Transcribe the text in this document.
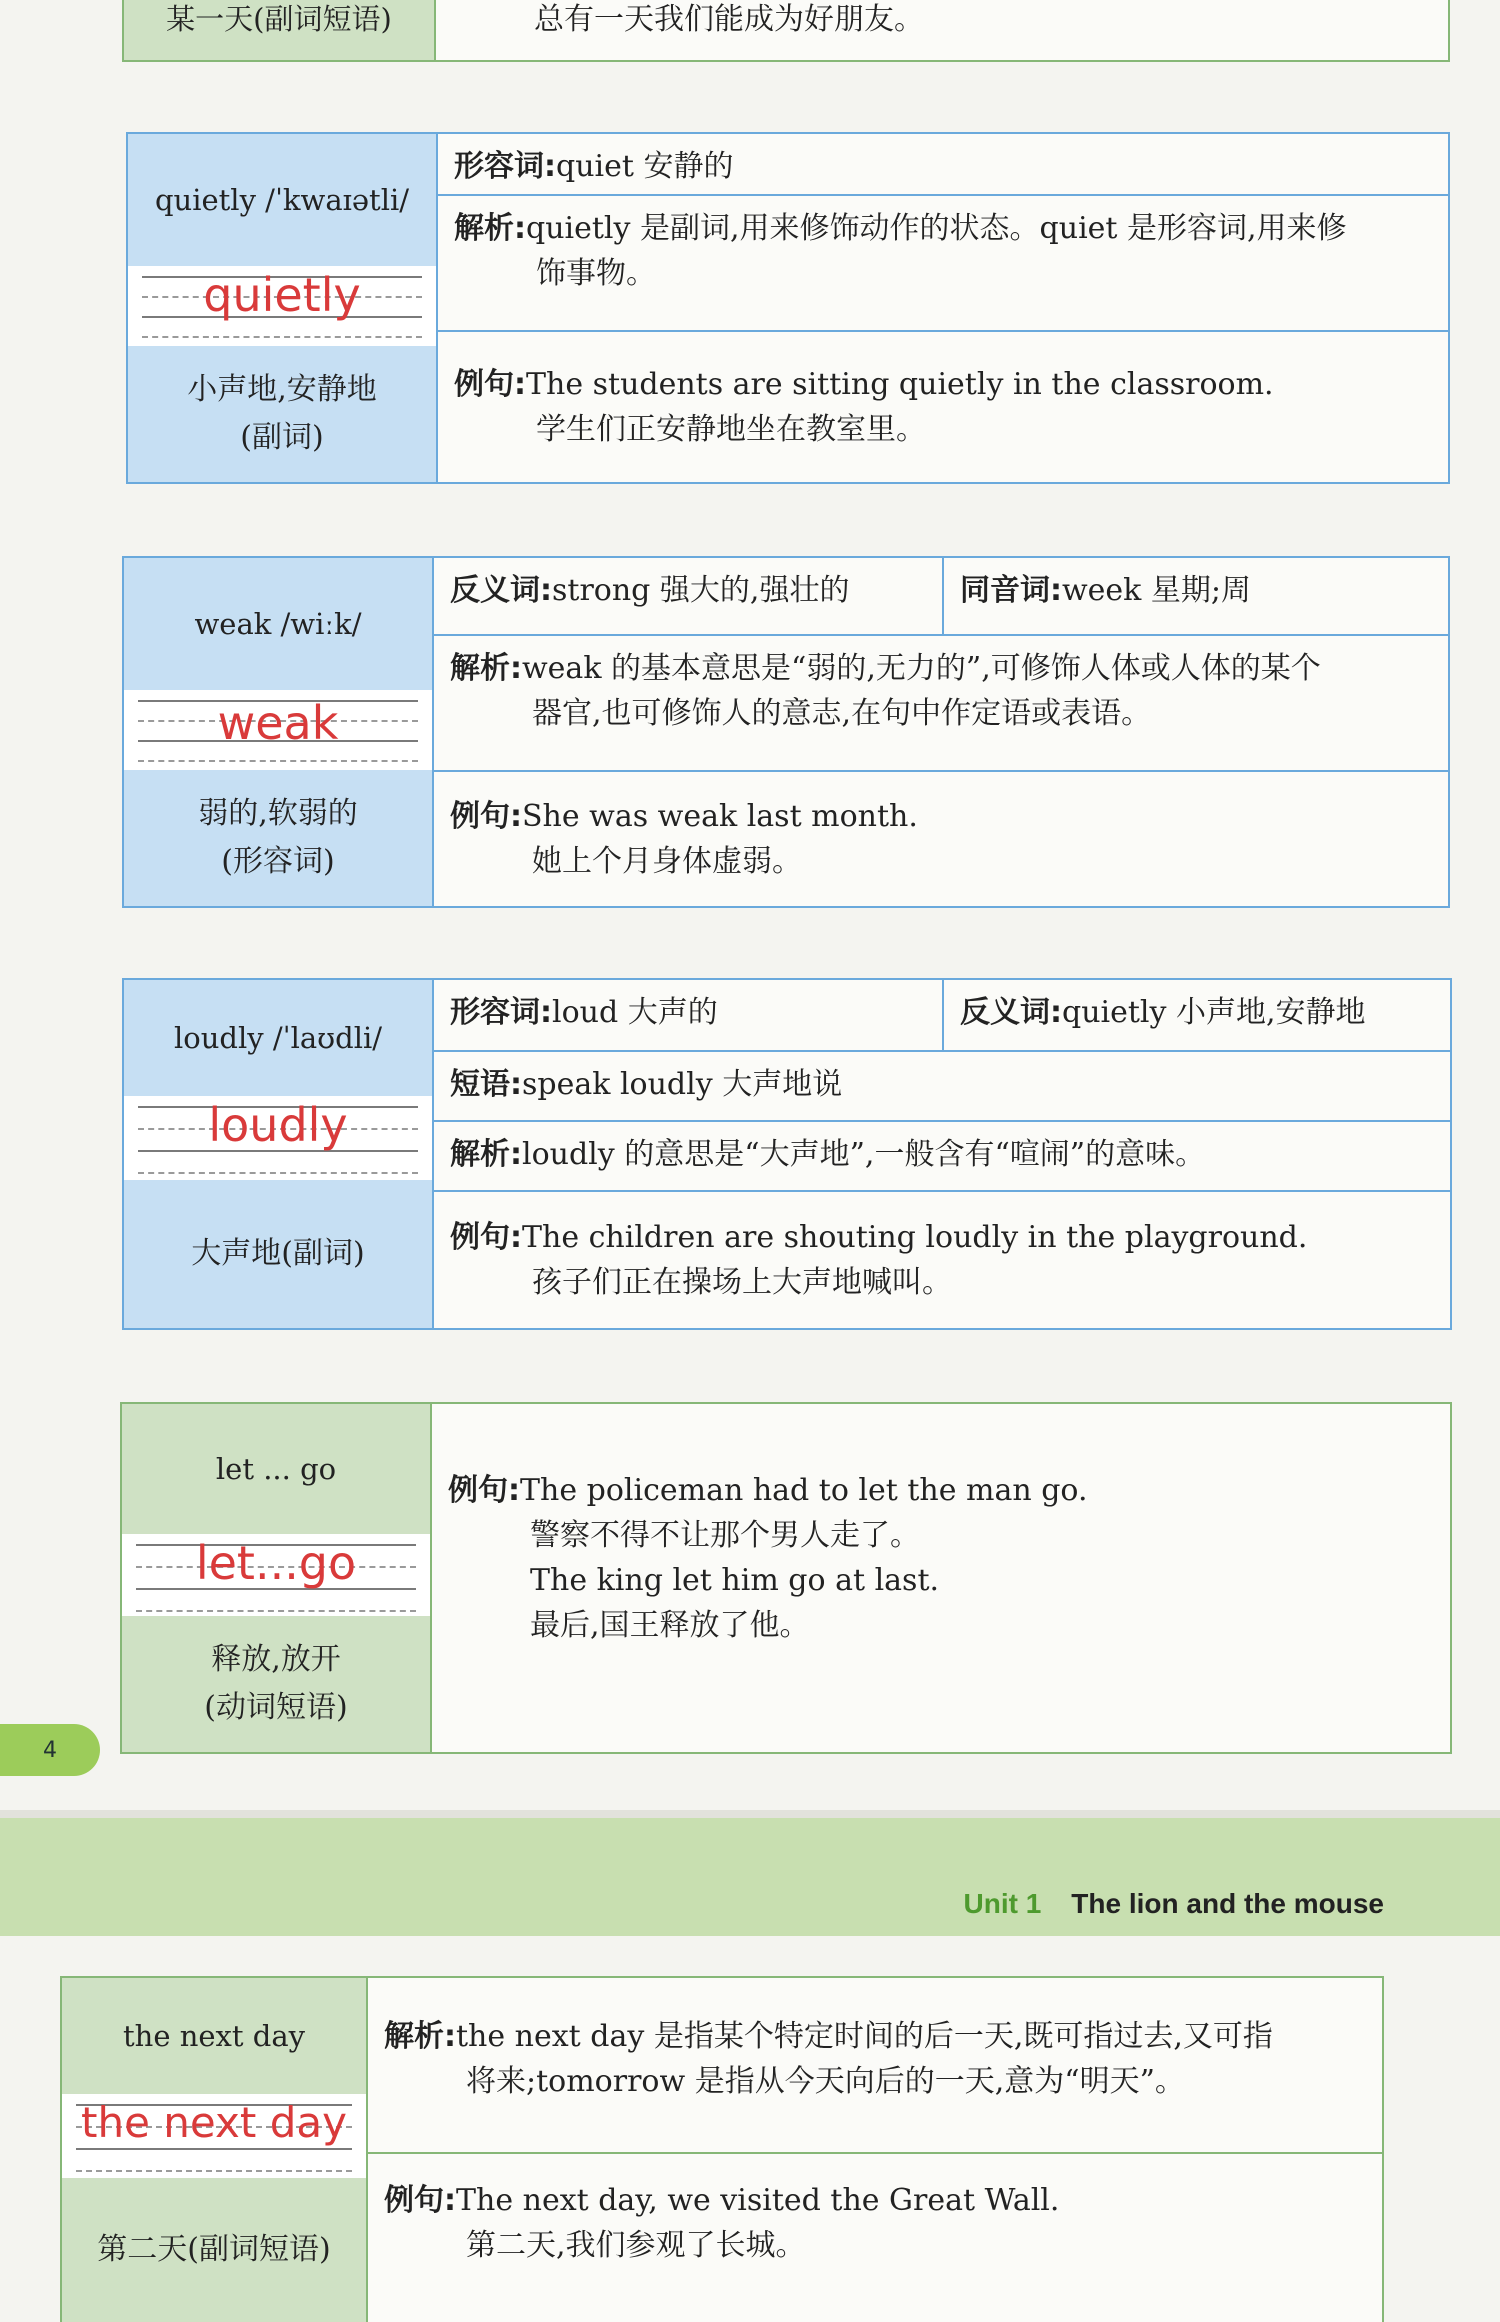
某一天(副词短语)	总有一天我们能成为好朋友。
quietly /ˈkwaɪətli/
quietly
小声地,安静地
(副词)
形容词:quiet 安静的
解析:quietly 是副词,用来修饰动作的状态。quiet 是形容词,用来修
饰事物。
例句:The students are sitting quietly in the classroom.
学生们正安静地坐在教室里。
weak /wiːk/
weak
弱的,软弱的
(形容词)
反义词:strong 强大的,强壮的	同音词:week 星期;周
解析:weak 的基本意思是“弱的,无力的”,可修饰人体或人体的某个
器官,也可修饰人的意志,在句中作定语或表语。
例句:She was weak last month.
她上个月身体虚弱。
loudly /ˈlaʊdli/
loudly
大声地(副词)
形容词:loud 大声的	反义词:quietly 小声地,安静地
短语:speak loudly 大声地说
解析:loudly 的意思是“大声地”,一般含有“喧闹”的意味。
例句:The children are shouting loudly in the playground.
孩子们正在操场上大声地喊叫。
let ... go
let...go
释放,放开
(动词短语)
例句:The policeman had to let the man go.
警察不得不让那个男人走了。
The king let him go at last.
最后,国王释放了他。
4
Unit 1 The lion and the mouse
the next day
the next day
第二天(副词短语)
解析:the next day 是指某个特定时间的后一天,既可指过去,又可指
将来;tomorrow 是指从今天向后的一天,意为“明天”。
例句:The next day, we visited the Great Wall.
第二天,我们参观了长城。
